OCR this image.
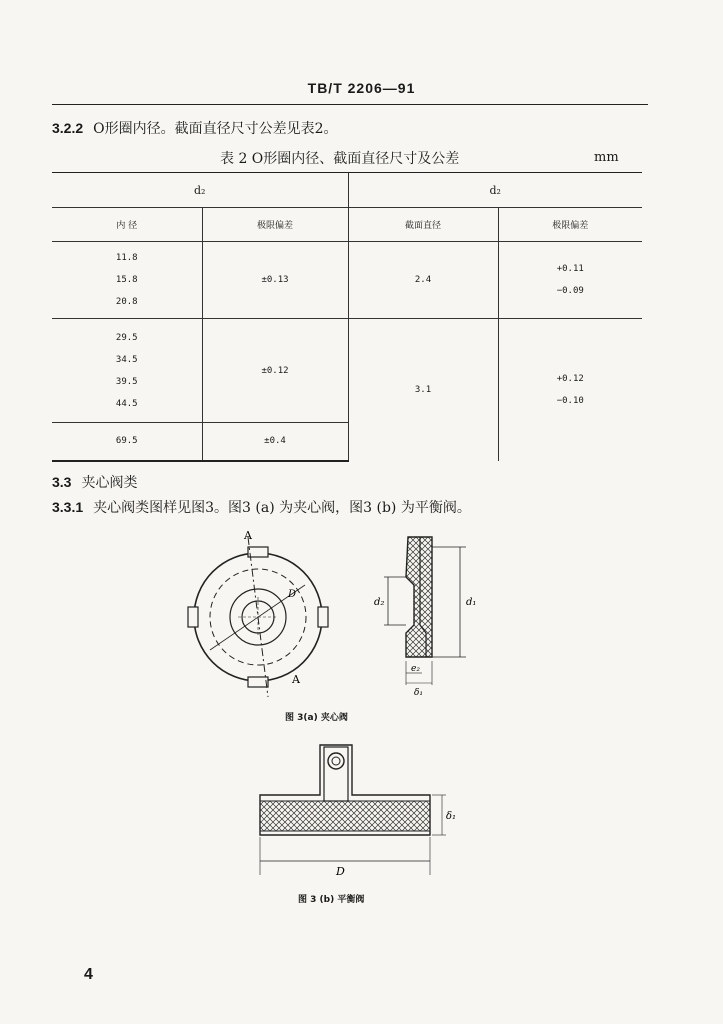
TB/T 2206—91
3.2.2 O形圈内径。截面直径尺寸公差见表2。
表 2 O形圈内径、截面直径尺寸及公差	mm
d₂		d₂	
内 径	极限偏差	截面直径	极限偏差

11.8
15.8
20.8	±0.13	2.4	+0.11
−0.09

29.5
34.5
39.5
44.5	±0.12	3.1	+0.12
−0.10

69.5	±0.4		
3.3 夹心阀类
3.3.1 夹心阀类图样见图3。图3 (a) 为夹心阀，图3 (b) 为平衡阀。
A
A
D
d₂	d₁
e₂
δ₁
图 3(a) 夹心阀
δ₁
D
图 3 (b) 平衡阀
4
